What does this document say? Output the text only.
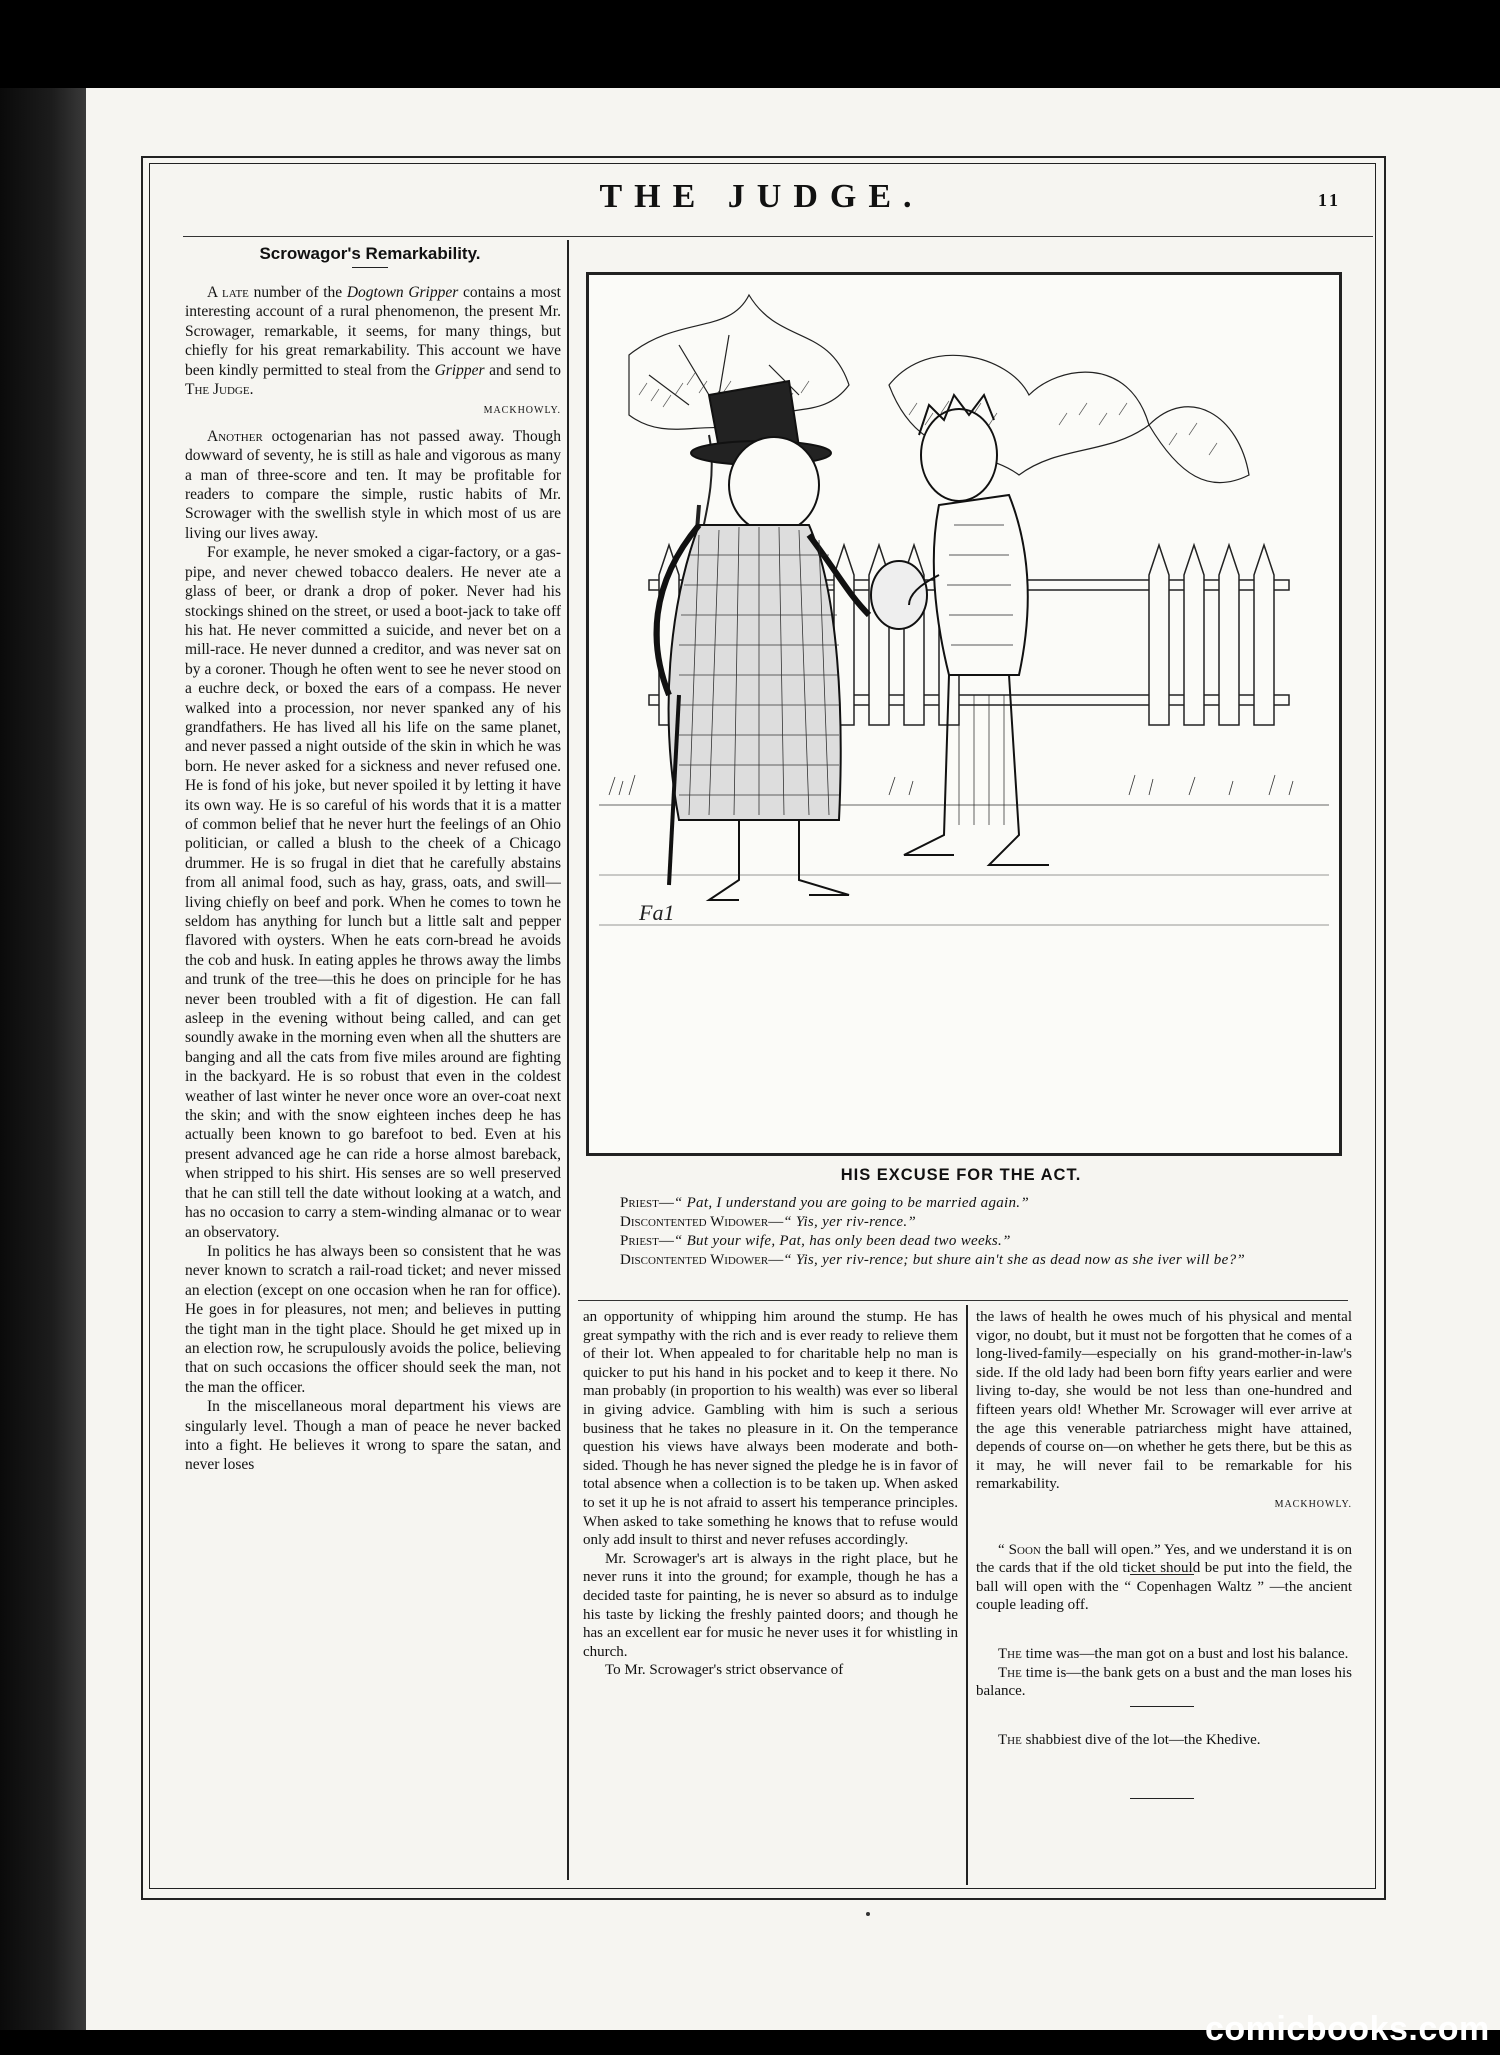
THE JUDGE.	11
Scrowagor's Remarkability.

A late number of the Dogtown Gripper contains a most interesting account of a rural phenomenon, the present Mr. Scrowager, remarkable, it seems, for many things, but chiefly for his great remarkability. This account we have been kindly permitted to steal from the Gripper and send to The Judge.

MACKHOWLY.

Another octogenarian has not passed away. Though dowward of seventy, he is still as hale and vigorous as many a man of three-score and ten. It may be profitable for readers to compare the simple, rustic habits of Mr. Scrowager with the swellish style in which most of us are living our lives away.

For example, he never smoked a cigar-factory, or a gas-pipe, and never chewed tobacco dealers. He never ate a glass of beer, or drank a drop of poker. Never had his stockings shined on the street, or used a boot-jack to take off his hat. He never committed a suicide, and never bet on a mill-race. He never dunned a creditor, and was never sat on by a coroner. Though he often went to see he never stood on a euchre deck, or boxed the ears of a compass. He never walked into a procession, nor never spanked any of his grandfathers. He has lived all his life on the same planet, and never passed a night outside of the skin in which he was born. He never asked for a sickness and never refused one. He is fond of his joke, but never spoiled it by letting it have its own way. He is so careful of his words that it is a matter of common belief that he never hurt the feelings of an Ohio politician, or called a blush to the cheek of a Chicago drummer. He is so frugal in diet that he carefully abstains from all animal food, such as hay, grass, oats, and swill—living chiefly on beef and pork. When he comes to town he seldom has anything for lunch but a little salt and pepper flavored with oysters. When he eats corn-bread he avoids the cob and husk. In eating apples he throws away the limbs and trunk of the tree—this he does on principle for he has never been troubled with a fit of digestion. He can fall asleep in the evening without being called, and can get soundly awake in the morning even when all the shutters are banging and all the cats from five miles around are fighting in the backyard. He is so robust that even in the coldest weather of last winter he never once wore an over-coat next the skin; and with the snow eighteen inches deep he has actually been known to go barefoot to bed. Even at his present advanced age he can ride a horse almost bareback, when stripped to his shirt. His senses are so well preserved that he can still tell the date without looking at a watch, and has no occasion to carry a stem-winding almanac or to wear an observatory.

In politics he has always been so consistent that he was never known to scratch a rail-road ticket; and never missed an election (except on one occasion when he ran for office). He goes in for pleasures, not men; and believes in putting the tight man in the tight place. Should he get mixed up in an election row, he scrupulously avoids the police, believing that on such occasions the officer should seek the man, not the man the officer.

In the miscellaneous moral department his views are singularly level. Though a man of peace he never backed into a fight. He believes it wrong to spare the satan, and never loses

Fa1
HIS EXCUSE FOR THE ACT.
Priest—“ Pat, I understand you are going to be married again.”
Discontented Widower—“ Yis, yer riv-rence.”
Priest—“ But your wife, Pat, has only been dead two weeks.”
Discontented Widower—“ Yis, yer riv-rence; but shure ain't she as dead now as she iver will be?”

an opportunity of whipping him around the stump. He has great sympathy with the rich and is ever ready to relieve them of their lot. When appealed to for charitable help no man is quicker to put his hand in his pocket and to keep it there. No man probably (in proportion to his wealth) was ever so liberal in giving advice. Gambling with him is such a serious business that he takes no pleasure in it. On the temperance question his views have always been moderate and both-sided. Though he has never signed the pledge he is in favor of total absence when a collection is to be taken up. When asked to set it up he is not afraid to assert his temperance principles. When asked to take something he knows that to refuse would only add insult to thirst and never refuses accordingly.

Mr. Scrowager's art is always in the right place, but he never runs it into the ground; for example, though he has a decided taste for painting, he is never so absurd as to indulge his taste by licking the freshly painted doors; and though he has an excellent ear for music he never uses it for whistling in church.

To Mr. Scrowager's strict observance of

the laws of health he owes much of his physical and mental vigor, no doubt, but it must not be forgotten that he comes of a long-lived-family—especially on his grand-mother-in-law's side. If the old lady had been born fifty years earlier and were living to-day, she would be not less than one-hundred and fifteen years old! Whether Mr. Scrowager will ever arrive at the age this venerable patriarchess might have attained, depends of course on—on whether he gets there, but be this as it may, he will never fail to be remarkable for his remarkability.

MACKHOWLY.

“ Soon the ball will open.” Yes, and we understand it is on the cards that if the old ticket should be put into the field, the ball will open with the “ Copenhagen Waltz ” —the ancient couple leading off.

The time was—the man got on a bust and lost his balance.

The time is—the bank gets on a bust and the man loses his balance.

The shabbiest dive of the lot—the Khedive.

comicbooks.com
